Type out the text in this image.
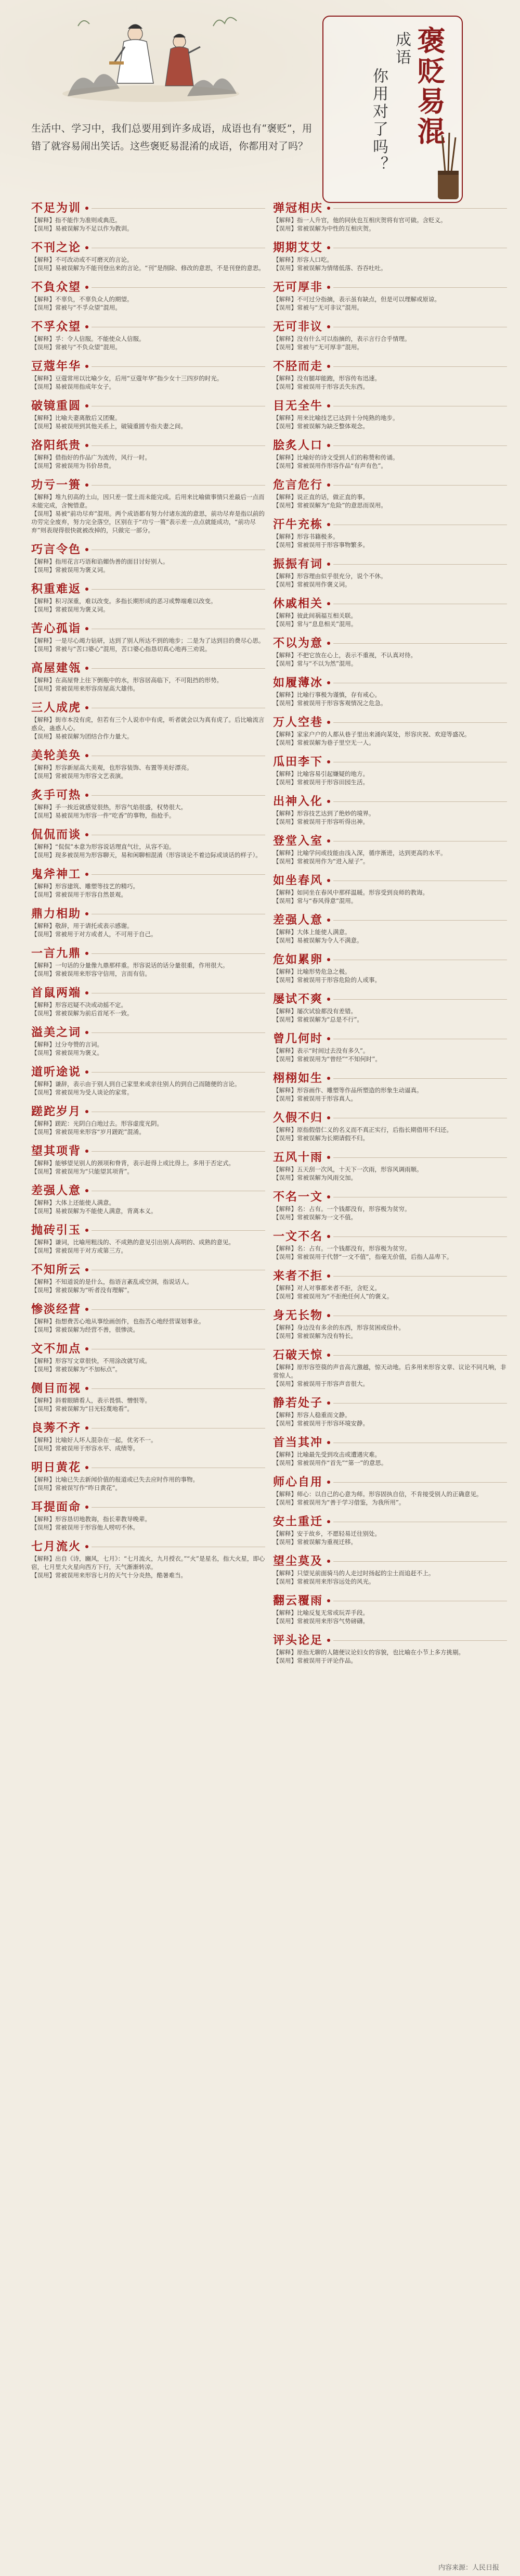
褒贬易混
成语
你用对了吗？

生活中、学习中，我们总要用到许多成语，成语也有“褒贬”，用错了就容易闹出笑话。这些褒贬易混淆的成语，你都用对了吗？

不足为训
【解释】指不能作为准则或典范。
【误用】易被误解为不足以作为教训。
不刊之论
【解释】不可改动或不可磨灭的言论。
【误用】易被误解为不能刊登出来的言论。“刊”是削除、修改的意思，不是刊登的意思。
不負众望
【解释】不辜负，不辜负众人的期望。
【误用】常被与“不孚众望”混用。
不孚众望
【解释】孚：令人信服。不能使众人信服。
【误用】常被与“不负众望”混用。
豆蔻年华
【解释】豆蔻常用以比喻少女，后用“豆蔻年华”指少女十三四岁的时光。
【误用】易被误用指成年女子。
破镜重圆
【解释】比喻夫妻离散后又团聚。
【误用】易被误用到其他关系上，破镜重圆专指夫妻之间。
洛阳纸贵
【解释】借指好的作品广为流传，风行一时。
【误用】常被误用为书价昂贵。
功亏一篑
【解释】堆九仞高的土山，因只差一筐土而未能完成。后用来比喻做事情只差最后一点而未能完成，含惋惜意。
【误用】易被“前功尽弃”混用。两个成语都有努力付诸东流的意思，前功尽弃是指以前的功劳完全废弃，努力完全落空，区别在于“功亏一篑”表示差一点点就能成功，“前功尽弃”则表现得很快就被改掉的，只做完一部分。
巧言令色
【解释】指用花言巧语和谄媚伪善的面目讨好别人。
【误用】常被误用为褒义词。
积重难返
【解释】积习深重，难以改变。多指长期形成的恶习或弊端难以改变。
【误用】常被误用为褒义词。
苦心孤诣
【解释】一是尽心竭力钻研，达到了别人所达不到的地步；二是为了达到目的费尽心思。
【误用】常被与“苦口婆心”混用，苦口婆心指恳切真心地再三劝说。
高屋建瓴
【解释】在高屋脊上往下倒瓶中的水，形容居高临下，不可阻挡的形势。
【误用】常被误用来形容房屋高大雄伟。
三人成虎
【解释】街市本没有虎，但若有三个人说市中有虎，听者就会以为真有虎了。后比喻流言惑众，蛊惑人心。
【误用】易被误解为团结合作力量大。
美轮美奂
【解释】形容新屋高大美观，也形容装饰、布置等美好漂亮。
【误用】常被误用为形容文艺表演。
炙手可热
【解释】手一挨近就感觉很热，形容气焰很盛，权势很大。
【误用】易被误用为形容一件“吃香”的事物，指抢手。
侃侃而谈
【解释】“侃侃”本意为形容说话理直气壮，从容不迫。
【误用】现多被误用为形容聊天，易和闲聊相混淆（形容谈论不着边际或谈话的样子）。
鬼斧神工
【解释】形容建筑、雕塑等技艺的精巧。
【误用】常被误用于形容自然景观。
鼎力相助
【解释】敬辞，用于请托或表示感谢。
【误用】常被用于对方或者人，不可用于自己。
一言九鼎
【解释】一句话的分量像九鼎那样重。形容说话的话分量很重，作用很大。
【误用】常被误用来形容守信用，言而有信。
首鼠两端
【解释】形容迟疑不决或动摇不定。
【误用】常被误解为前后首尾不一致。
溢美之词
【解释】过分夸赞的言词。
【误用】常被误用为褒义。
道听途说
【解释】谦辞，表示由于别人到自己家里来或亲往别人的到自己而随便的言论。
【误用】常被误用为受人谈论的家常。
蹉跎岁月
【解释】蹉跎：光阴白白地过去。形容虚度光阴。
【误用】常被误用来形容“岁月蹉跎”混淆。
望其项背
【解释】能够望见别人的颈项和脊背，表示赶得上或比得上。多用于否定式。
【误用】常被误用为“只能望其项背”。
差强人意
【解释】大体上还能使人满意。
【误用】易被误解为不能使人满意，背离本义。
抛砖引玉
【解释】谦词，比喻用粗浅的、不成熟的意见引出别人高明的、成熟的意见。
【误用】常被误用于对方或第三方。
不知所云
【解释】不知道说的是什么，指语言紊乱或空洞，指说话人。
【误用】常被误解为“听者没有理解”。
惨淡经营
【解释】指想费苦心地从事绘画创作，也指苦心地经营谋划事业。
【误用】常被误解为经营不善，很惨淡。
文不加点
【解释】形容写文章很快，不用涂改就写成。
【误用】常被误解为“不加标点”。
侧目而视
【解释】斜着眼睛看人，表示畏惧、憎恨等。
【误用】常被误解为“目光轻蔑地看”。
良莠不齐
【解释】比喻好人坏人混杂在一起，优劣不一。
【误用】常被误用于形容水平、成绩等。
明日黄花
【解释】比喻已失去新闻价值的报道或已失去应时作用的事物。
【误用】常被误写作“昨日黄花”。
耳提面命
【解释】形容恳切地教诲，指长辈教导晚辈。
【误用】常被误用于形容他人唠叨不休。
七月流火
【解释】出自《诗，豳风，七月》：“七月流火，九月授衣。”“火”是星名，指大火星，即心宿，七月里大火星向西方下行，天气渐渐转凉。
【误用】常被误用来形容七月的天气十分炎热，酷暑难当。
弹冠相庆
【解释】指一人升官，他的同伙也互相庆贺将有官可做。含贬义。
【误用】常被误解为中性的互相庆贺。
期期艾艾
【解释】形容人口吃。
【误用】常被误解为情绪低落、吞吞吐吐。
无可厚非
【解释】不可过分指摘，表示虽有缺点，但是可以理解或原谅。
【误用】常被与“无可非议”混用。
无可非议
【解释】没有什么可以指摘的，表示言行合乎情理。
【误用】常被与“无可厚非”混用。
不胫而走
【解释】没有腿却能跑，形容传布迅速。
【误用】常被误用于形容丢失东西。
目无全牛
【解释】用来比喻技艺已达到十分纯熟的地步。
【误用】常被误解为缺乏整体观念。
脍炙人口
【解释】比喻好的诗文受到人们的称赞和传诵。
【误用】常被误用作形容作品“有声有色”。
危言危行
【解释】说正直的话，做正直的事。
【误用】常被误解为“危险”的意思而误用。
汗牛充栋
【解释】形容书籍极多。
【误用】常被误用于形容事物繁多。
振振有词
【解释】形容理由似乎很充分，说个不休。
【误用】常被误用作褒义词。
休戚相关
【解释】彼此间祸福互相关联。
【误用】常与“息息相关”混用。
不以为意
【解释】不把它放在心上，表示不重视，不认真对待。
【误用】常与“不以为然”混用。
如履薄冰
【解释】比喻行事极为谨慎，存有戒心。
【误用】常被误用于形容客观情况之危急。
万人空巷
【解释】家家户户的人都从巷子里出来涌向某处，形容庆祝、欢迎等盛况。
【误用】常被误解为巷子里空无一人。
瓜田李下
【解释】比喻容易引起嫌疑的地方。
【误用】常被误用于形容田园生活。
出神入化
【解释】形容技艺达到了绝妙的境界。
【误用】常被误用于形容听得出神。
登堂入室
【解释】比喻学问或技能由浅入深，循序渐进，达到更高的水平。
【误用】常被误用作为“进入屋子”。
如坐春风
【解释】如同坐在春风中那样温暖。形容受到良师的教诲。
【误用】常与“春风得意”混用。
差强人意
【解释】大体上能使人满意。
【误用】易被误解为令人不满意。
危如累卵
【解释】比喻形势危急之极。
【误用】常被误用于形容危险的人或事。
屡试不爽
【解释】屡次试验都没有差错。
【误用】常被误解为“总是不行”。
曾几何时
【解释】表示“时间过去没有多久”。
【误用】常被误用为“曾经”“不知何时”。
栩栩如生
【解释】形容画作、雕塑等作品所塑造的形象生动逼真。
【误用】常被误用于形容真人。
久假不归
【解释】原指假借仁义的名义而不真正实行，后指长期借用不归还。
【误用】常被误解为长期请假不归。
五风十雨
【解释】五天刮一次风，十天下一次雨，形容风调雨顺。
【误用】常被误解为风雨交加。
不名一文
【解释】名：占有。一个钱都没有，形容极为贫穷。
【误用】常被误解为一文不值。
一文不名
【解释】名：占有。一个钱都没有，形容极为贫穷。
【误用】常被误用于代替“一文不值”，指毫无价值，后指人品卑下。
来者不拒
【解释】对人对事都来者不拒，含贬义。
【误用】常被误用为“不拒绝任何人”的褒义。
身无长物
【解释】身边没有多余的东西，形容贫困或俭朴。
【误用】常被误解为没有特长。
石破天惊
【解释】原形容箜篌的声音高亢激越，惊天动地。后多用来形容文章、议论不同凡响，非常惊人。
【误用】常被误用于形容声音很大。
静若处子
【解释】形容人稳重而文静。
【误用】常被误用于形容环境安静。
首当其冲
【解释】比喻最先受到攻击或遭遇灾难。
【误用】常被误用作“首先”“第一”的意思。
师心自用
【解释】师心：以自己的心意为师。形容固执自信，不肯接受别人的正确意见。
【误用】常被误用为“善于学习借鉴，为我所用”。
安土重迁
【解释】安于故乡，不愿轻易迁往别处。
【误用】常被误解为重视迁移。
望尘莫及
【解释】只望见前面骑马的人走过时扬起的尘土而追赶不上。
【误用】常被误用来形容远处的风光。
翻云覆雨
【解释】比喻反复无常或玩弄手段。
【误用】常被误用来形容气势磅礴。
评头论足
【解释】原指无聊的人随便议论妇女的容貌，也比喻在小节上多方挑剔。
【误用】常被误用于评论作品。
内容来源：人民日报
